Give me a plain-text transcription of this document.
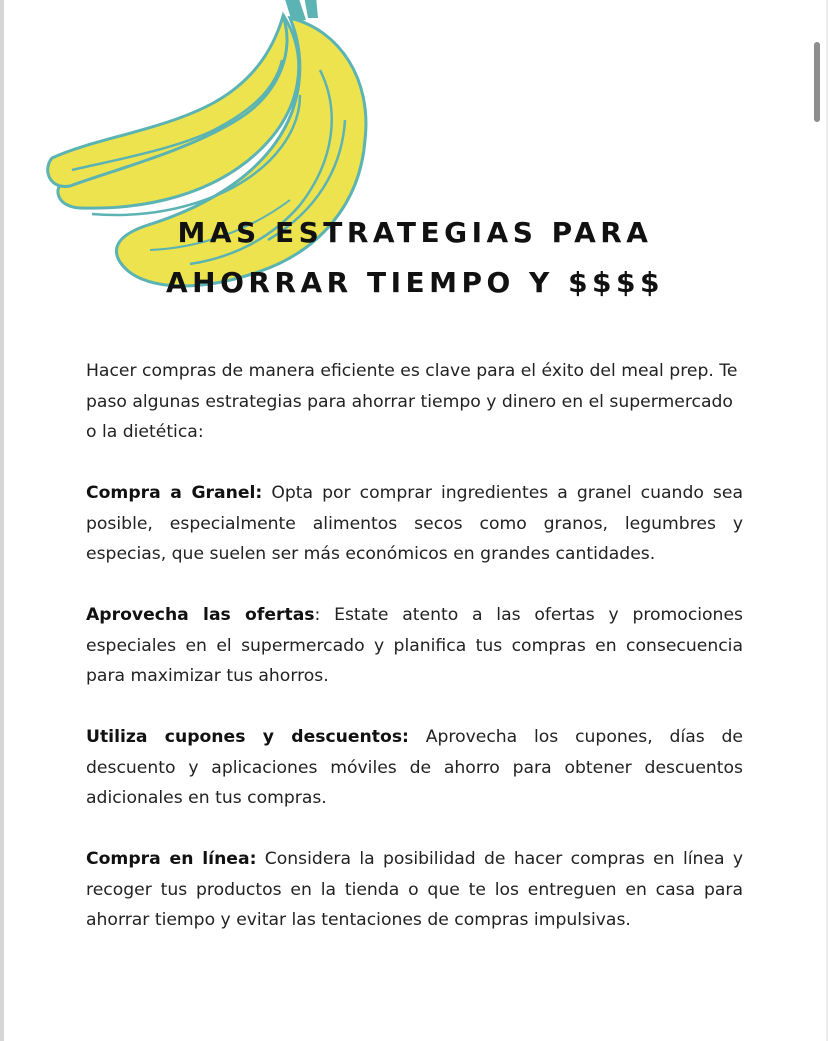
MAS ESTRATEGIAS PARA
AHORRAR TIEMPO Y $$$$

Hacer compras de manera eficiente es clave para el éxito del meal prep. Te paso algunas estrategias para ahorrar tiempo y dinero en el supermercado o la dietética:

Compra a Granel: Opta por comprar ingredientes a granel cuando sea posible, especialmente alimentos secos como granos, legumbres y especias, que suelen ser más económicos en grandes cantidades.

Aprovecha las ofertas: Estate atento a las ofertas y promociones especiales en el supermercado y planifica tus compras en consecuencia para maximizar tus ahorros.

Utiliza cupones y descuentos: Aprovecha los cupones, días de descuento y aplicaciones móviles de ahorro para obtener descuentos adicionales en tus compras.

Compra en línea: Considera la posibilidad de hacer compras en línea y recoger tus productos en la tienda o que te los entreguen en casa para ahorrar tiempo y evitar las tentaciones de compras impulsivas.
